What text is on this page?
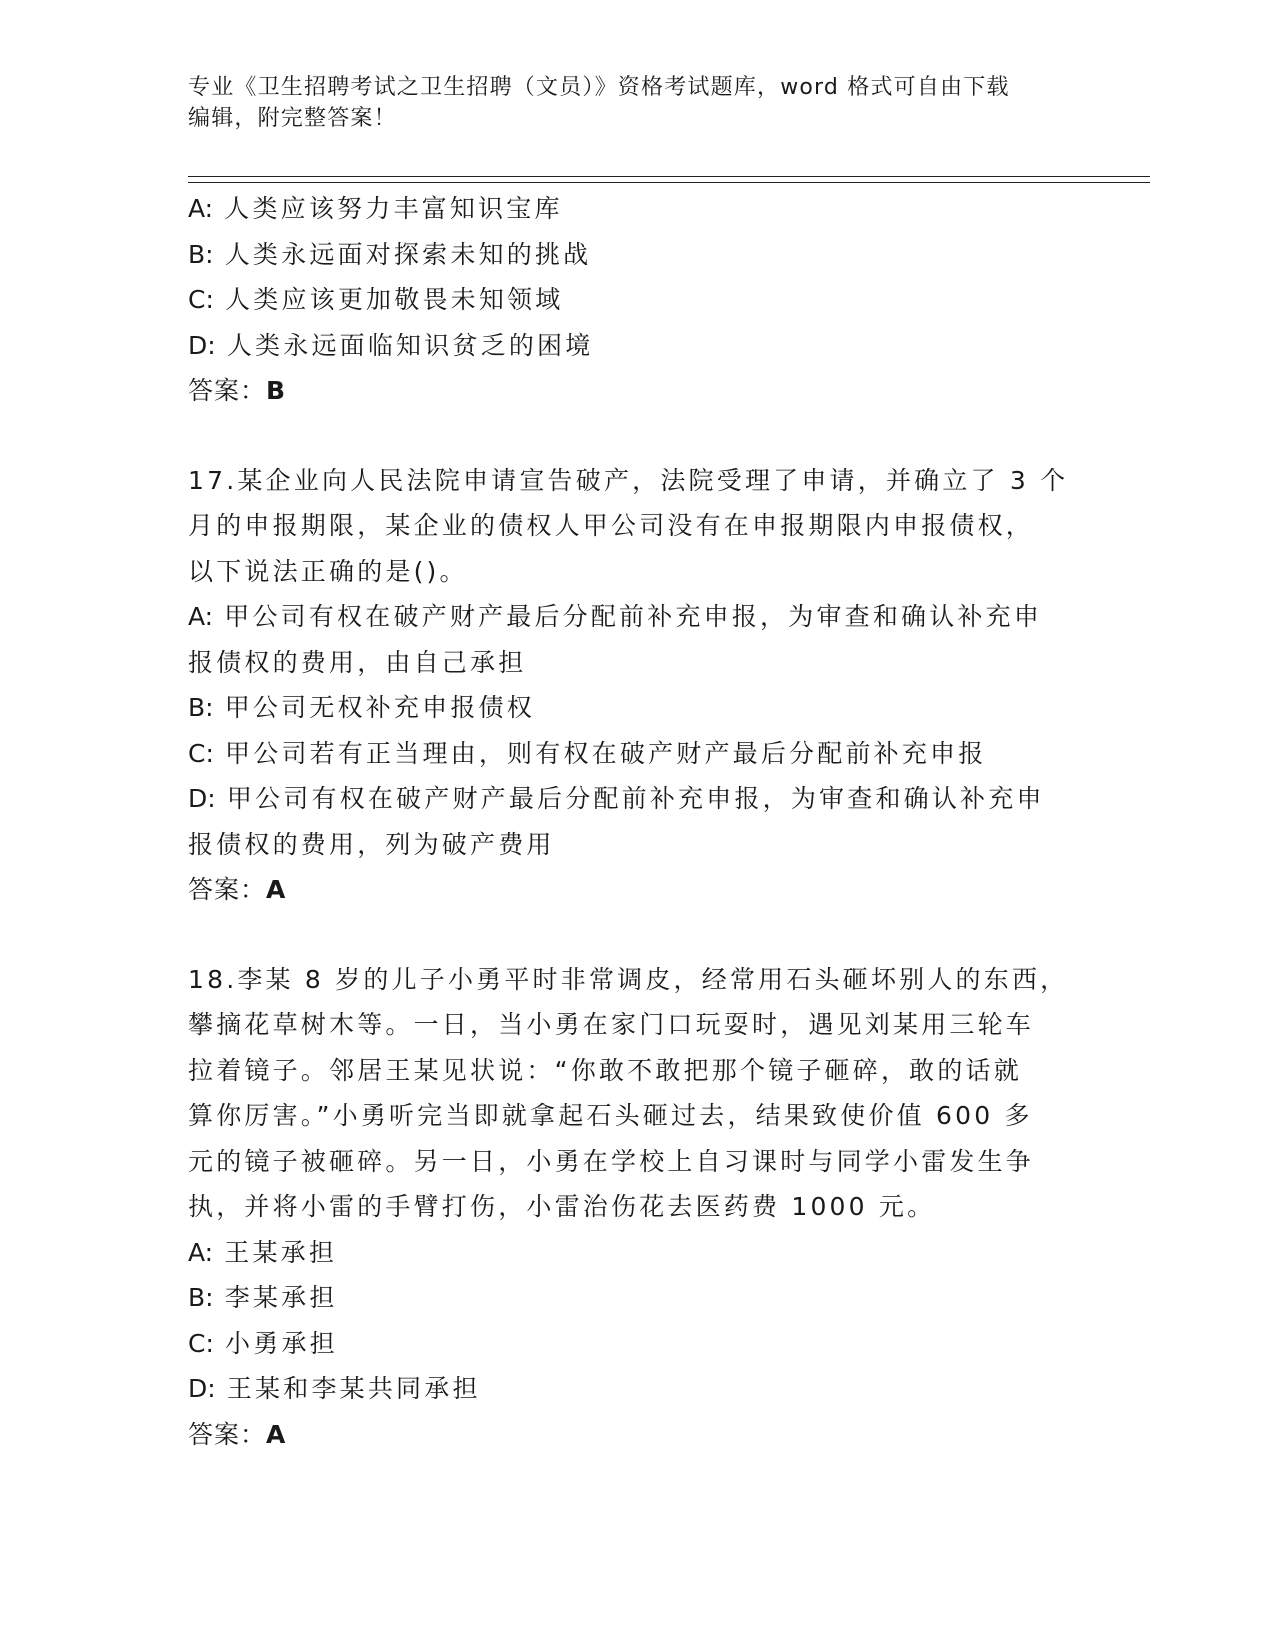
专业《卫生招聘考试之卫生招聘（文员）》资格考试题库，word 格式可自由下载
编辑，附完整答案！
A: 人类应该努力丰富知识宝库
B: 人类永远面对探索未知的挑战
C: 人类应该更加敬畏未知领域
D: 人类永远面临知识贫乏的困境
答案：B
17.某企业向人民法院申请宣告破产，法院受理了申请，并确立了 3 个
月的申报期限，某企业的债权人甲公司没有在申报期限内申报债权，
以下说法正确的是()。
A: 甲公司有权在破产财产最后分配前补充申报，为审查和确认补充申
报债权的费用，由自己承担
B: 甲公司无权补充申报债权
C: 甲公司若有正当理由，则有权在破产财产最后分配前补充申报
D: 甲公司有权在破产财产最后分配前补充申报，为审查和确认补充申
报债权的费用，列为破产费用
答案：A
18.李某 8 岁的儿子小勇平时非常调皮，经常用石头砸坏别人的东西，
攀摘花草树木等。一日，当小勇在家门口玩耍时，遇见刘某用三轮车
拉着镜子。邻居王某见状说：“你敢不敢把那个镜子砸碎，敢的话就
算你厉害。”小勇听完当即就拿起石头砸过去，结果致使价值 600 多
元的镜子被砸碎。另一日，小勇在学校上自习课时与同学小雷发生争
执，并将小雷的手臂打伤，小雷治伤花去医药费 1000 元。
A: 王某承担
B: 李某承担
C: 小勇承担
D: 王某和李某共同承担
答案：A
